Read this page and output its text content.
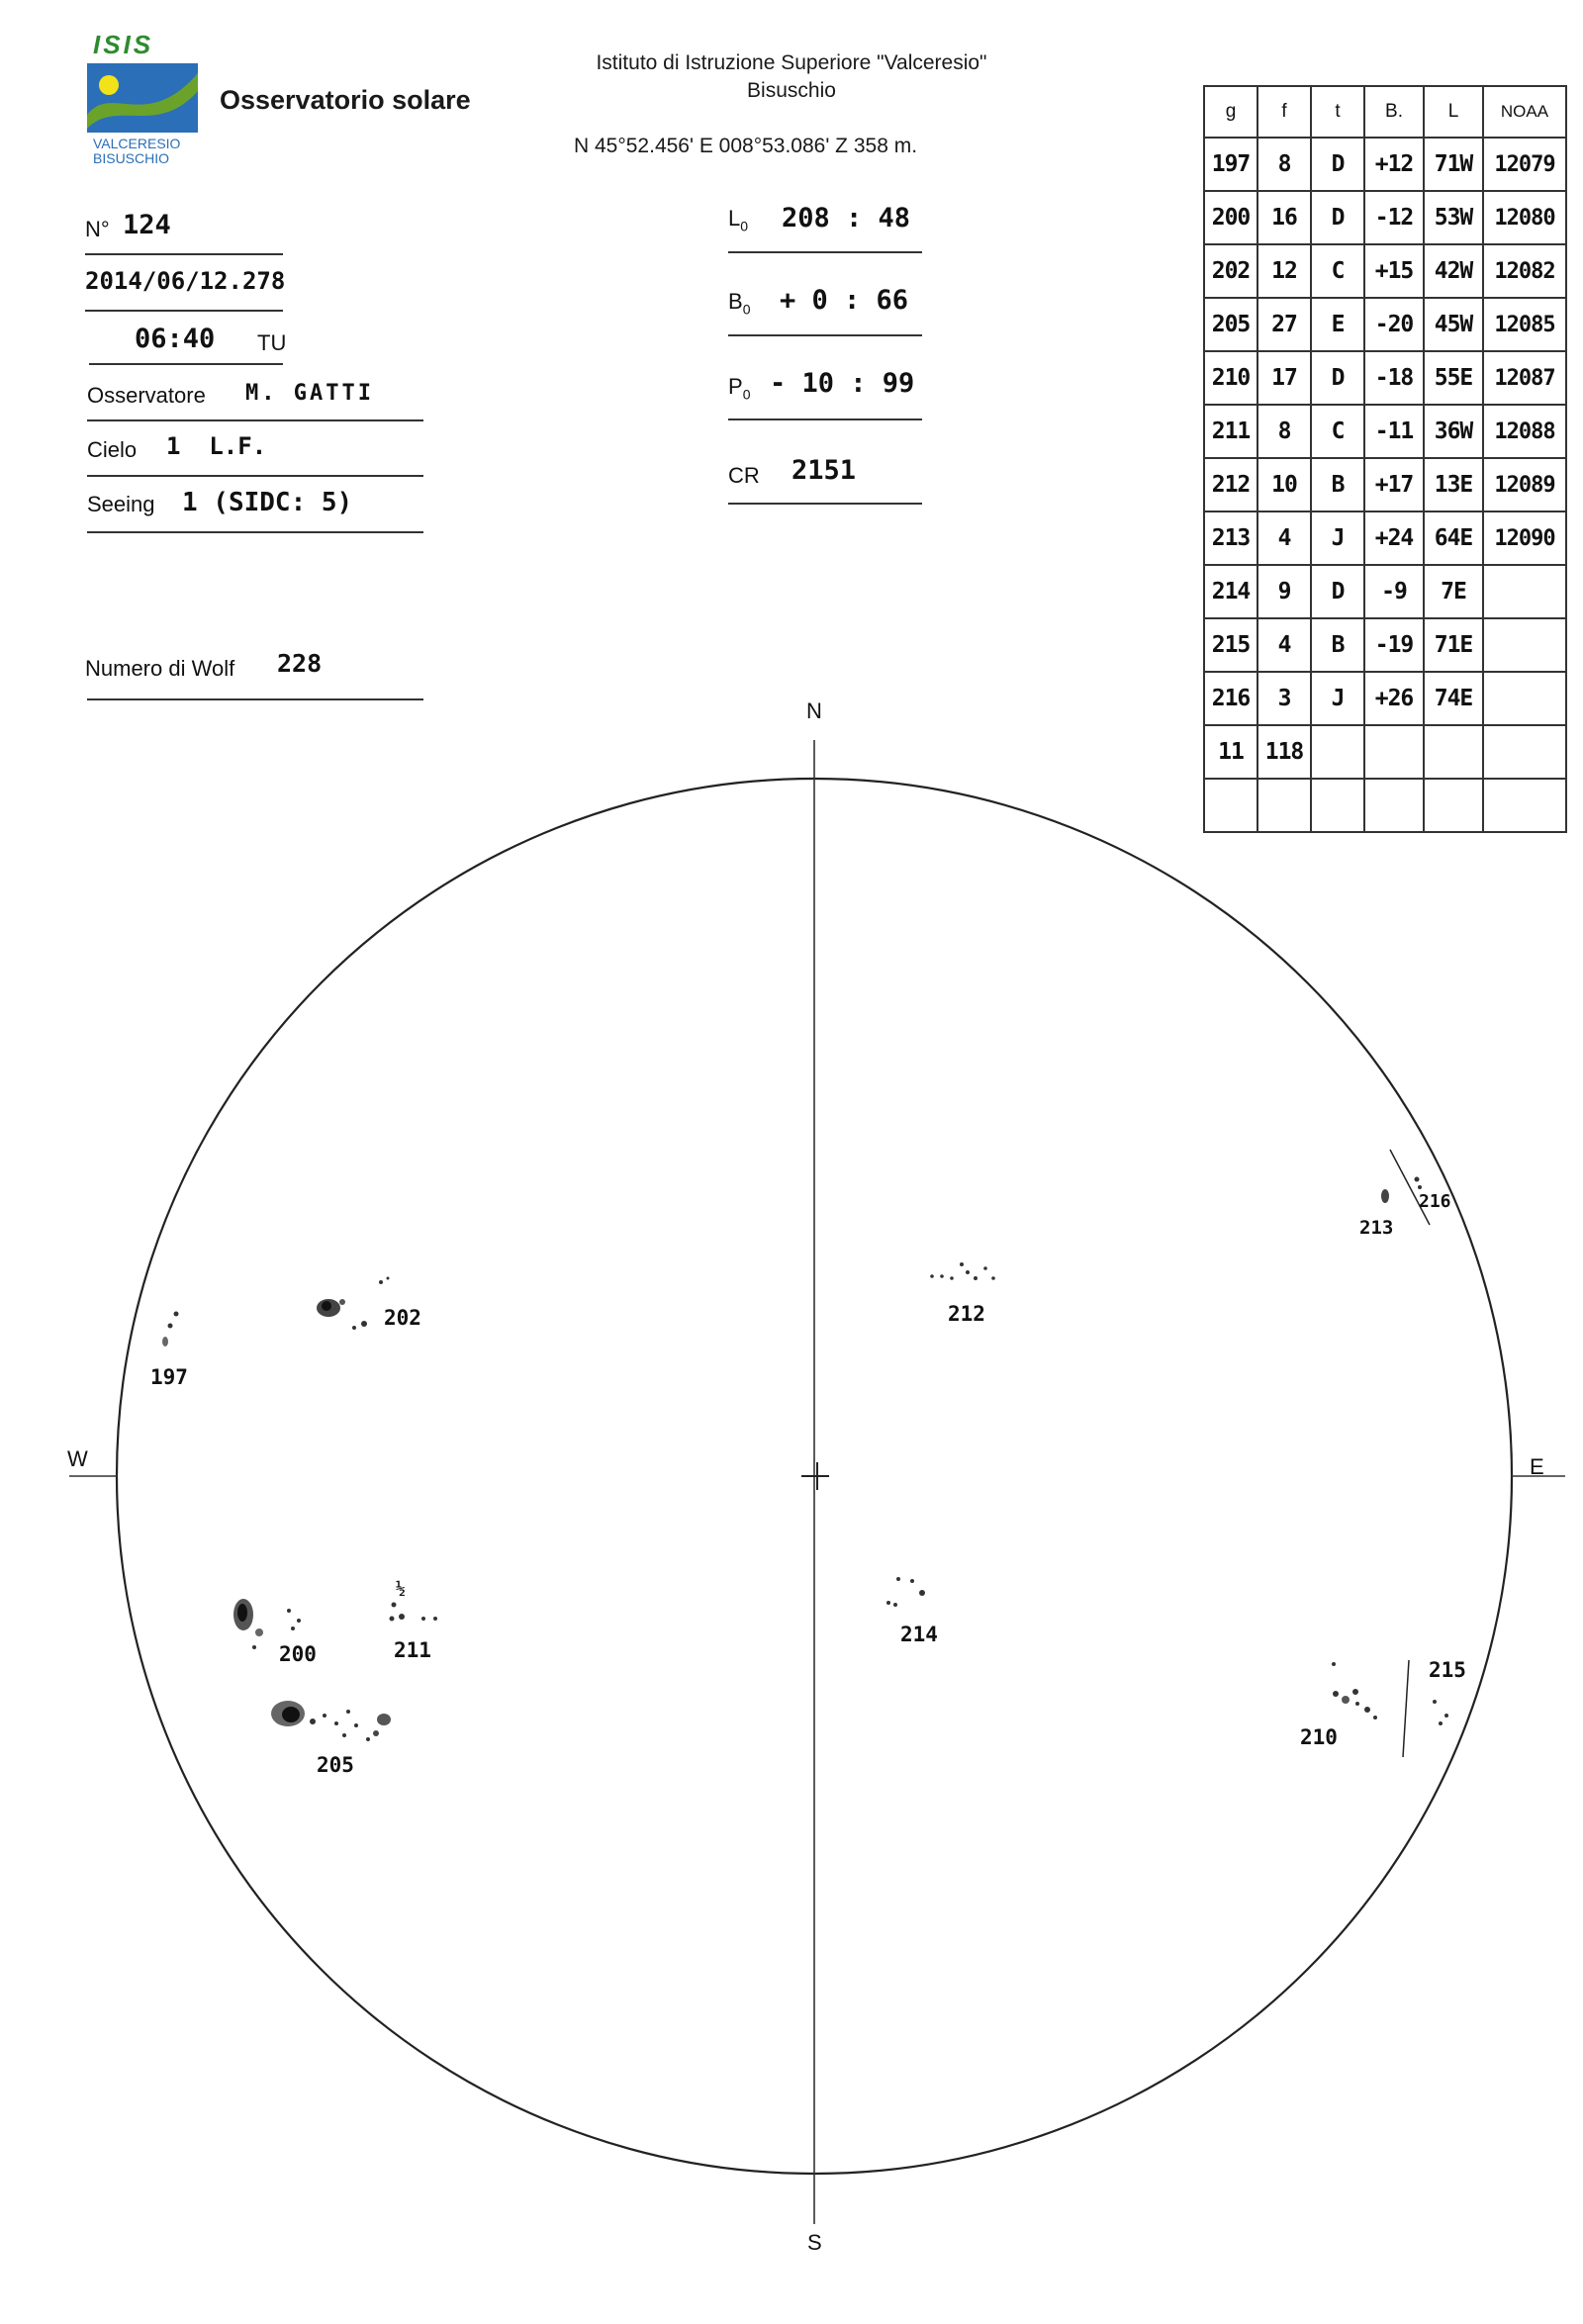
ISIS
VALCERESIO
BISUSCHIO
Osservatorio solare
Istituto di Istruzione Superiore "Valceresio"
Bisuschio
N 45°52.456' E 008°53.086' Z 358 m.
N° 124
2014/06/12.278
06:40 TU
Osservatore M. GATTI
Cielo 1  L.F.
Seeing 1 (SIDC: 5)
Numero di Wolf 228
$L_0$ 208 : 48
$B_0 + 0$ : 66
$P_0 - 10$ : 99
CR 2151
g	f	t	B.	L	NOAA
197	8	D	+12	71W	12079
200	16	D	-12	53W	12080
202	12	C	+15	42W	12082
205	27	E	-20	45W	12085
210	17	D	-18	55E	12087
211	8	C	-11	36W	12088
212	10	B	+17	13E	12089
213	4	J	+24	64E	12090
214	9	D	-9	7E	
215	4	B	-19	71E	
216	3	J	+26	74E	
11	118				

N
S
W	E
197
202
200
½
211
205
212
213
216
214
210
215
